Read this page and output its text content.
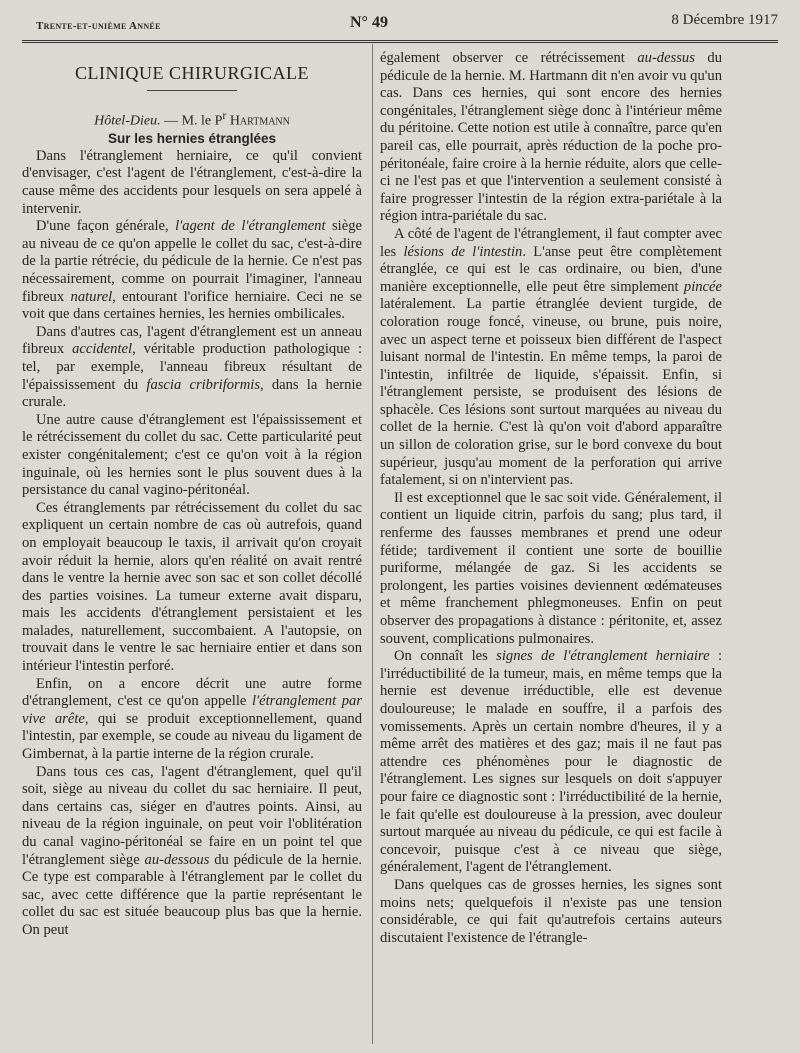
Trente-et-unième Année	N° 49	8 Décembre 1917
CLINIQUE CHIRURGICALE

Hôtel-Dieu. — M. le $P^r$ Hartmann

Sur les hernies étranglées

Dans l'étranglement herniaire, ce qu'il convient d'envisager, c'est l'agent de l'étranglement, c'est-à-dire la cause même des accidents pour lesquels on sera appelé à intervenir.

D'une façon générale, l'agent de l'étranglement siège au niveau de ce qu'on appelle le collet du sac, c'est-à-dire de la partie rétrécie, du pédicule de la hernie. Ce n'est pas nécessairement, comme on pourrait l'imaginer, l'anneau fibreux naturel, entourant l'orifice herniaire. Ceci ne se voit que dans certaines hernies, les hernies ombilicales.

Dans d'autres cas, l'agent d'étranglement est un anneau fibreux accidentel, véritable production pathologique : tel, par exemple, l'anneau fibreux résultant de l'épaississement du fascia cribriformis, dans la hernie crurale.

Une autre cause d'étranglement est l'épaississement et le rétrécissement du collet du sac. Cette particularité peut exister congénitalement; c'est ce qu'on voit à la région inguinale, où les hernies sont le plus souvent dues à la persistance du canal vagino-péritonéal.

Ces étranglements par rétrécissement du collet du sac expliquent un certain nombre de cas où autrefois, quand on employait beaucoup le taxis, il arrivait qu'on croyait avoir réduit la hernie, alors qu'en réalité on avait rentré dans le ventre la hernie avec son sac et son collet décollé des parties voisines. La tumeur externe avait disparu, mais les accidents d'étranglement persistaient et les malades, naturellement, succombaient. A l'autopsie, on trouvait dans le ventre le sac herniaire entier et dans son intérieur l'intestin perforé.

Enfin, on a encore décrit une autre forme d'étranglement, c'est ce qu'on appelle l'étranglement par vive arête, qui se produit exceptionnellement, quand l'intestin, par exemple, se coude au niveau du ligament de Gimbernat, à la partie interne de la région crurale.

Dans tous ces cas, l'agent d'étranglement, quel qu'il soit, siège au niveau du collet du sac herniaire. Il peut, dans certains cas, siéger en d'autres points. Ainsi, au niveau de la région inguinale, on peut voir l'oblitération du canal vagino-péritonéal se faire en un point tel que l'étranglement siège au-dessous du pédicule de la hernie. Ce type est comparable à l'étranglement par le collet du sac, avec cette différence que la partie représentant le collet du sac est située beaucoup plus bas que la hernie. On peut

également observer ce rétrécissement au-dessus du pédicule de la hernie. M. Hartmann dit n'en avoir vu qu'un cas. Dans ces hernies, qui sont encore des hernies congénitales, l'étranglement siège donc à l'intérieur même du péritoine. Cette notion est utile à connaître, parce qu'en pareil cas, elle pourrait, après réduction de la poche pro-péritonéale, faire croire à la hernie réduite, alors que celle-ci ne l'est pas et que l'intervention a seulement consisté à faire progresser l'intestin de la région extra-pariétale à la région intra-pariétale du sac.

A côté de l'agent de l'étranglement, il faut compter avec les lésions de l'intestin. L'anse peut être complètement étranglée, ce qui est le cas ordinaire, ou bien, d'une manière exceptionnelle, elle peut être simplement pincée latéralement. La partie étranglée devient turgide, de coloration rouge foncé, vineuse, ou brune, puis noire, avec un aspect terne et poisseux bien différent de l'aspect luisant normal de l'intestin. En même temps, la paroi de l'intestin, infiltrée de liquide, s'épaissit. Enfin, si l'étranglement persiste, se produisent des lésions de sphacèle. Ces lésions sont surtout marquées au niveau du collet de la hernie. C'est là qu'on voit d'abord apparaître un sillon de coloration grise, sur le bord convexe du bout supérieur, jusqu'au moment de la perforation qui arrive fatalement, si on n'intervient pas.

Il est exceptionnel que le sac soit vide. Généralement, il contient un liquide citrin, parfois du sang; plus tard, il renferme des fausses membranes et prend une odeur fétide; tardivement il contient une sorte de bouillie puriforme, mélangée de gaz. Si les accidents se prolongent, les parties voisines deviennent œdémateuses et même franchement phlegmoneuses. Enfin on peut observer des propagations à distance : péritonite, et, assez souvent, complications pulmonaires.

On connaît les signes de l'étranglement herniaire : l'irréductibilité de la tumeur, mais, en même temps que la hernie est devenue irréductible, elle est devenue douloureuse; le malade en souffre, il a parfois des vomissements. Après un certain nombre d'heures, il y a même arrêt des matières et des gaz; mais il ne faut pas attendre ces phénomènes pour le diagnostic de l'étranglement. Les signes sur lesquels on doit s'appuyer pour faire ce diagnostic sont : l'irréductibilité de la hernie, le fait qu'elle est douloureuse à la pression, avec douleur surtout marquée au niveau du pédicule, ce qui est facile à concevoir, puisque c'est à ce niveau que siège, généralement, l'agent de l'étranglement.

Dans quelques cas de grosses hernies, les signes sont moins nets; quelquefois il n'existe pas une tension considérable, ce qui fait qu'autrefois certains auteurs discutaient l'existence de l'étrangle-
